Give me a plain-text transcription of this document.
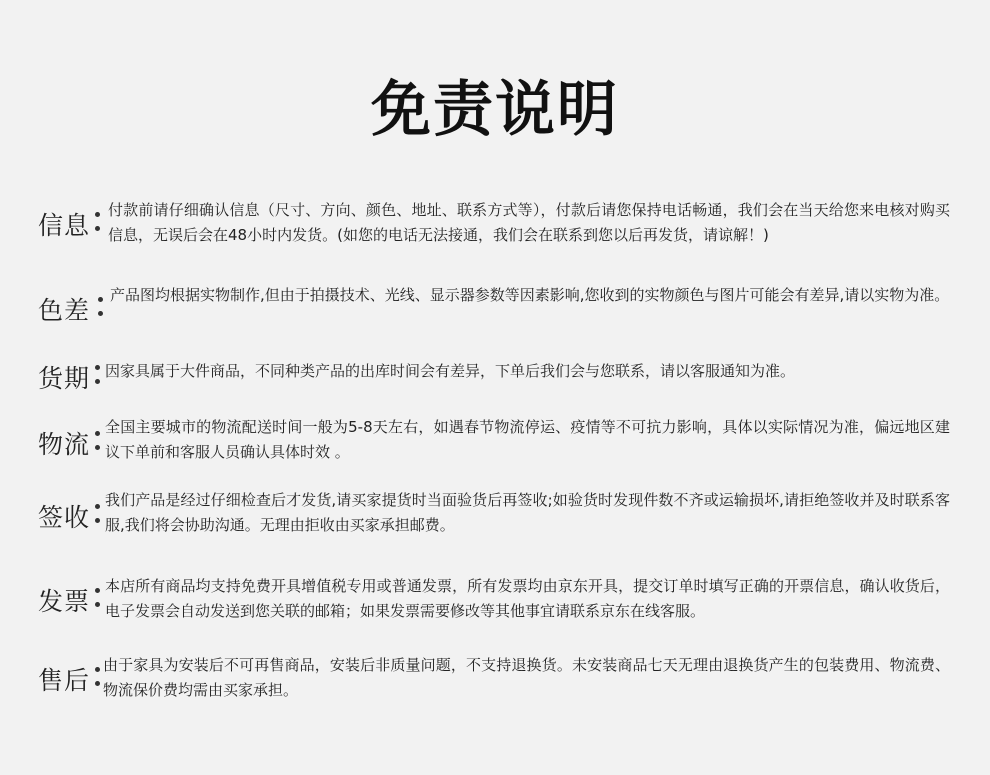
免责说明
信息
付款前请仔细确认信息（尺寸、方向、颜色、地址、联系方式等），付款后请您保持电话畅通，我们会在当天给您来电核对购买信息，无误后会在48小时内发货。(如您的电话无法接通，我们会在联系到您以后再发货，请谅解！)
色差
产品图均根据实物制作,但由于拍摄技术、光线、显示器参数等因素影响,您收到的实物颜色与图片可能会有差异,请以实物为准。
货期 因家具属于大件商品，不同种类产品的出库时间会有差异，下单后我们会与您联系，请以客服通知为准。
物流
全国主要城市的物流配送时间一般为5-8天左右，如遇春节物流停运、疫情等不可抗力影响，具体以实际情况为准，偏远地区建议下单前和客服人员确认具体时效 。
签收
我们产品是经过仔细检查后才发货,请买家提货时当面验货后再签收;如验货时发现件数不齐或运输损坏,请拒绝签收并及时联系客服,我们将会协助沟通。无理由拒收由买家承担邮费。
发票
本店所有商品均支持免费开具增值税专用或普通发票，所有发票均由京东开具，提交订单时填写正确的开票信息，确认收货后，电子发票会自动发送到您关联的邮箱；如果发票需要修改等其他事宜请联系京东在线客服。
售后
由于家具为安装后不可再售商品，安装后非质量问题，不支持退换货。未安装商品七天无理由退换货产生的包装费用、物流费、物流保价费均需由买家承担。
